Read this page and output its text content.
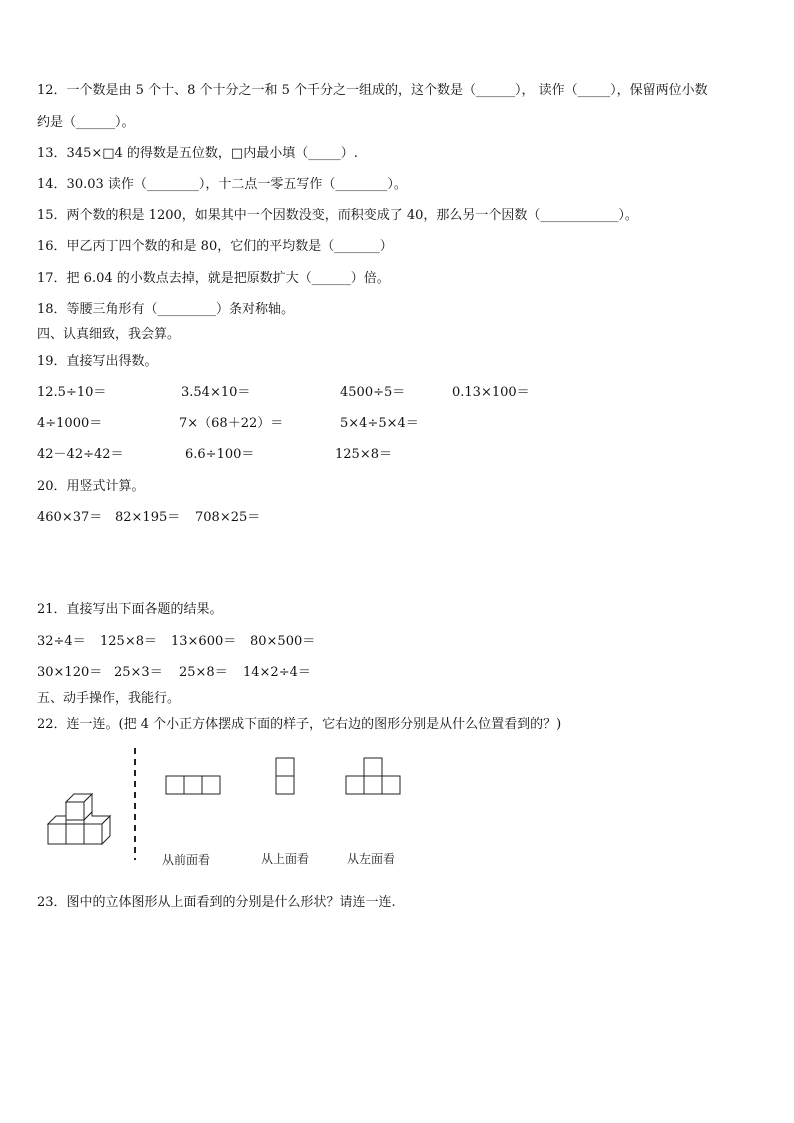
12．一个数是由 5 个十、8 个十分之一和 5 个千分之一组成的，这个数是（______）， 读作（_____），保留两位小数
约是（______）。
13．345×□4 的得数是五位数，□内最小填（_____）.
14．30.03 读作（________），十二点一零五写作（________）。
15．两个数的积是 1200，如果其中一个因数没变，而积变成了 40，那么另一个因数（____________）。
16．甲乙丙丁四个数的和是 80，它们的平均数是（_______）
17．把 6.04 的小数点去掉，就是把原数扩大（______）倍。
18．等腰三角形有（_________）条对称轴。
四、认真细致，我会算。
19．直接写出得数。
12.5÷10＝	3.54×10＝	4500÷5＝	0.13×100＝
4÷1000＝	7×（68＋22）＝	5×4÷5×4＝
42－42÷42＝	6.6÷100＝	125×8＝
20．用竖式计算。
460×37＝ 82×195＝ 708×25＝
21．直接写出下面各题的结果。
32÷4＝ 125×8＝ 13×600＝ 80×500＝
30×120＝ 25×3＝ 25×8＝ 14×2÷4＝
五、动手操作，我能行。
22．连一连。(把 4 个小正方体摆成下面的样子，它右边的图形分别是从什么位置看到的？)
从前面看	从上面看	从左面看
23．图中的立体图形从上面看到的分别是什么形状？请连一连.
